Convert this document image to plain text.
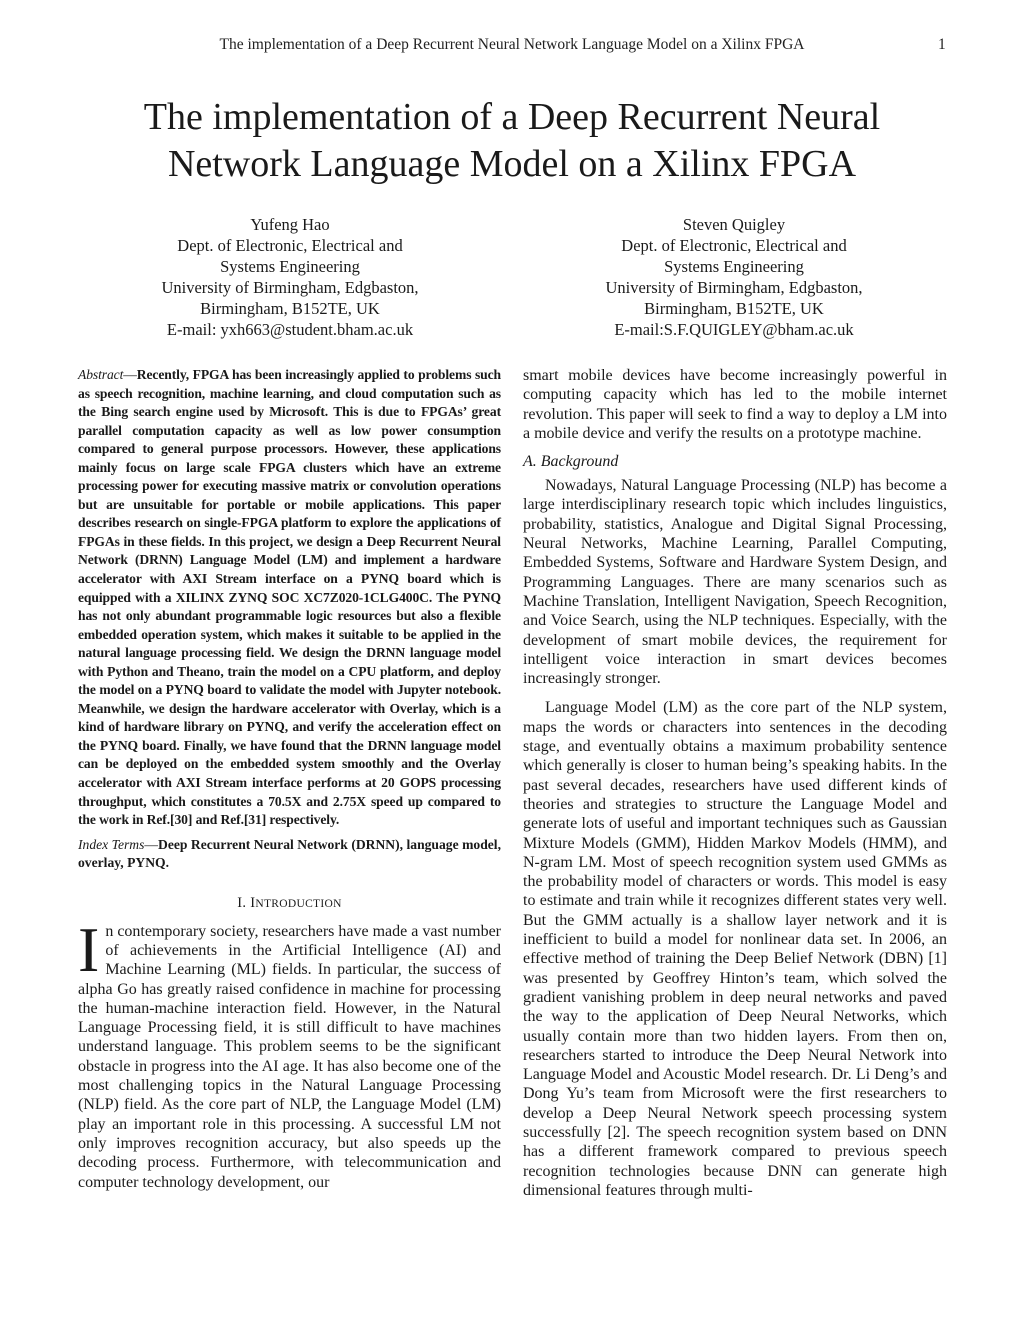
The implementation of a Deep Recurrent Neural Network Language Model on a Xilinx FPGA	1
The implementation of a Deep Recurrent Neural
Network Language Model on a Xilinx FPGA
Yufeng Hao
Dept. of Electronic, Electrical and
Systems Engineering
University of Birmingham, Edgbaston,
Birmingham, B152TE, UK
E-mail: yxh663@student.bham.ac.uk
Steven Quigley
Dept. of Electronic, Electrical and
Systems Engineering
University of Birmingham, Edgbaston,
Birmingham, B152TE, UK
E-mail:S.F.QUIGLEY@bham.ac.uk

Abstract—Recently, FPGA has been increasingly applied to problems such as speech recognition, machine learning, and cloud computation such as the Bing search engine used by Microsoft. This is due to FPGAs’ great parallel computation capacity as well as low power consumption compared to general purpose processors. However, these applications mainly focus on large scale FPGA clusters which have an extreme processing power for executing massive matrix or convolution operations but are unsuitable for portable or mobile applications. This paper describes research on single-FPGA platform to explore the applications of FPGAs in these fields. In this project, we design a Deep Recurrent Neural Network (DRNN) Language Model (LM) and implement a hardware accelerator with AXI Stream interface on a PYNQ board which is equipped with a XILINX ZYNQ SOC XC7Z020-1CLG400C. The PYNQ has not only abundant programmable logic resources but also a flexible embedded operation system, which makes it suitable to be applied in the natural language processing field. We design the DRNN language model with Python and Theano, train the model on a CPU platform, and deploy the model on a PYNQ board to validate the model with Jupyter notebook. Meanwhile, we design the hardware accelerator with Overlay, which is a kind of hardware library on PYNQ, and verify the acceleration effect on the PYNQ board. Finally, we have found that the DRNN language model can be deployed on the embedded system smoothly and the Overlay accelerator with AXI Stream interface performs at 20 GOPS processing throughput, which constitutes a 70.5X and 2.75X speed up compared to the work in Ref.[30] and Ref.[31] respectively.

Index Terms—Deep Recurrent Neural Network (DRNN), language model, overlay, PYNQ.

I. INTRODUCTION

In contemporary society, researchers have made a vast number of achievements in the Artificial Intelligence (AI) and Machine Learning (ML) fields. In particular, the success of alpha Go has greatly raised confidence in machine for processing the human-machine interaction field. However, in the Natural Language Processing field, it is still difficult to have machines understand language. This problem seems to be the significant obstacle in progress into the AI age. It has also become one of the most challenging topics in the Natural Language Processing (NLP) field. As the core part of NLP, the Language Model (LM) play an important role in this processing. A successful LM not only improves recognition accuracy, but also speeds up the decoding process. Furthermore, with telecommunication and computer technology development, our

smart mobile devices have become increasingly powerful in computing capacity which has led to the mobile internet revolution. This paper will seek to find a way to deploy a LM into a mobile device and verify the results on a prototype machine.

A. Background

Nowadays, Natural Language Processing (NLP) has become a large interdisciplinary research topic which includes linguistics, probability, statistics, Analogue and Digital Signal Processing, Neural Networks, Machine Learning, Parallel Computing, Embedded Systems, Software and Hardware System Design, and Programming Languages. There are many scenarios such as Machine Translation, Intelligent Navigation, Speech Recognition, and Voice Search, using the NLP techniques. Especially, with the development of smart mobile devices, the requirement for intelligent voice interaction in smart devices becomes increasingly stronger.

Language Model (LM) as the core part of the NLP system, maps the words or characters into sentences in the decoding stage, and eventually obtains a maximum probability sentence which generally is closer to human being’s speaking habits. In the past several decades, researchers have used different kinds of theories and strategies to structure the Language Model and generate lots of useful and important techniques such as Gaussian Mixture Models (GMM), Hidden Markov Models (HMM), and N-gram LM. Most of speech recognition system used GMMs as the probability model of characters or words. This model is easy to estimate and train while it recognizes different states very well. But the GMM actually is a shallow layer network and it is inefficient to build a model for nonlinear data set. In 2006, an effective method of training the Deep Belief Network (DBN) [1] was presented by Geoffrey Hinton’s team, which solved the gradient vanishing problem in deep neural networks and paved the way to the application of Deep Neural Networks, which usually contain more than two hidden layers. From then on, researchers started to introduce the Deep Neural Network into Language Model and Acoustic Model research. Dr. Li Deng’s and Dong Yu’s team from Microsoft were the first researchers to develop a Deep Neural Network speech processing system successfully [2]. The speech recognition system based on DNN has a different framework compared to previous speech recognition technologies because DNN can generate high dimensional features through multi-
